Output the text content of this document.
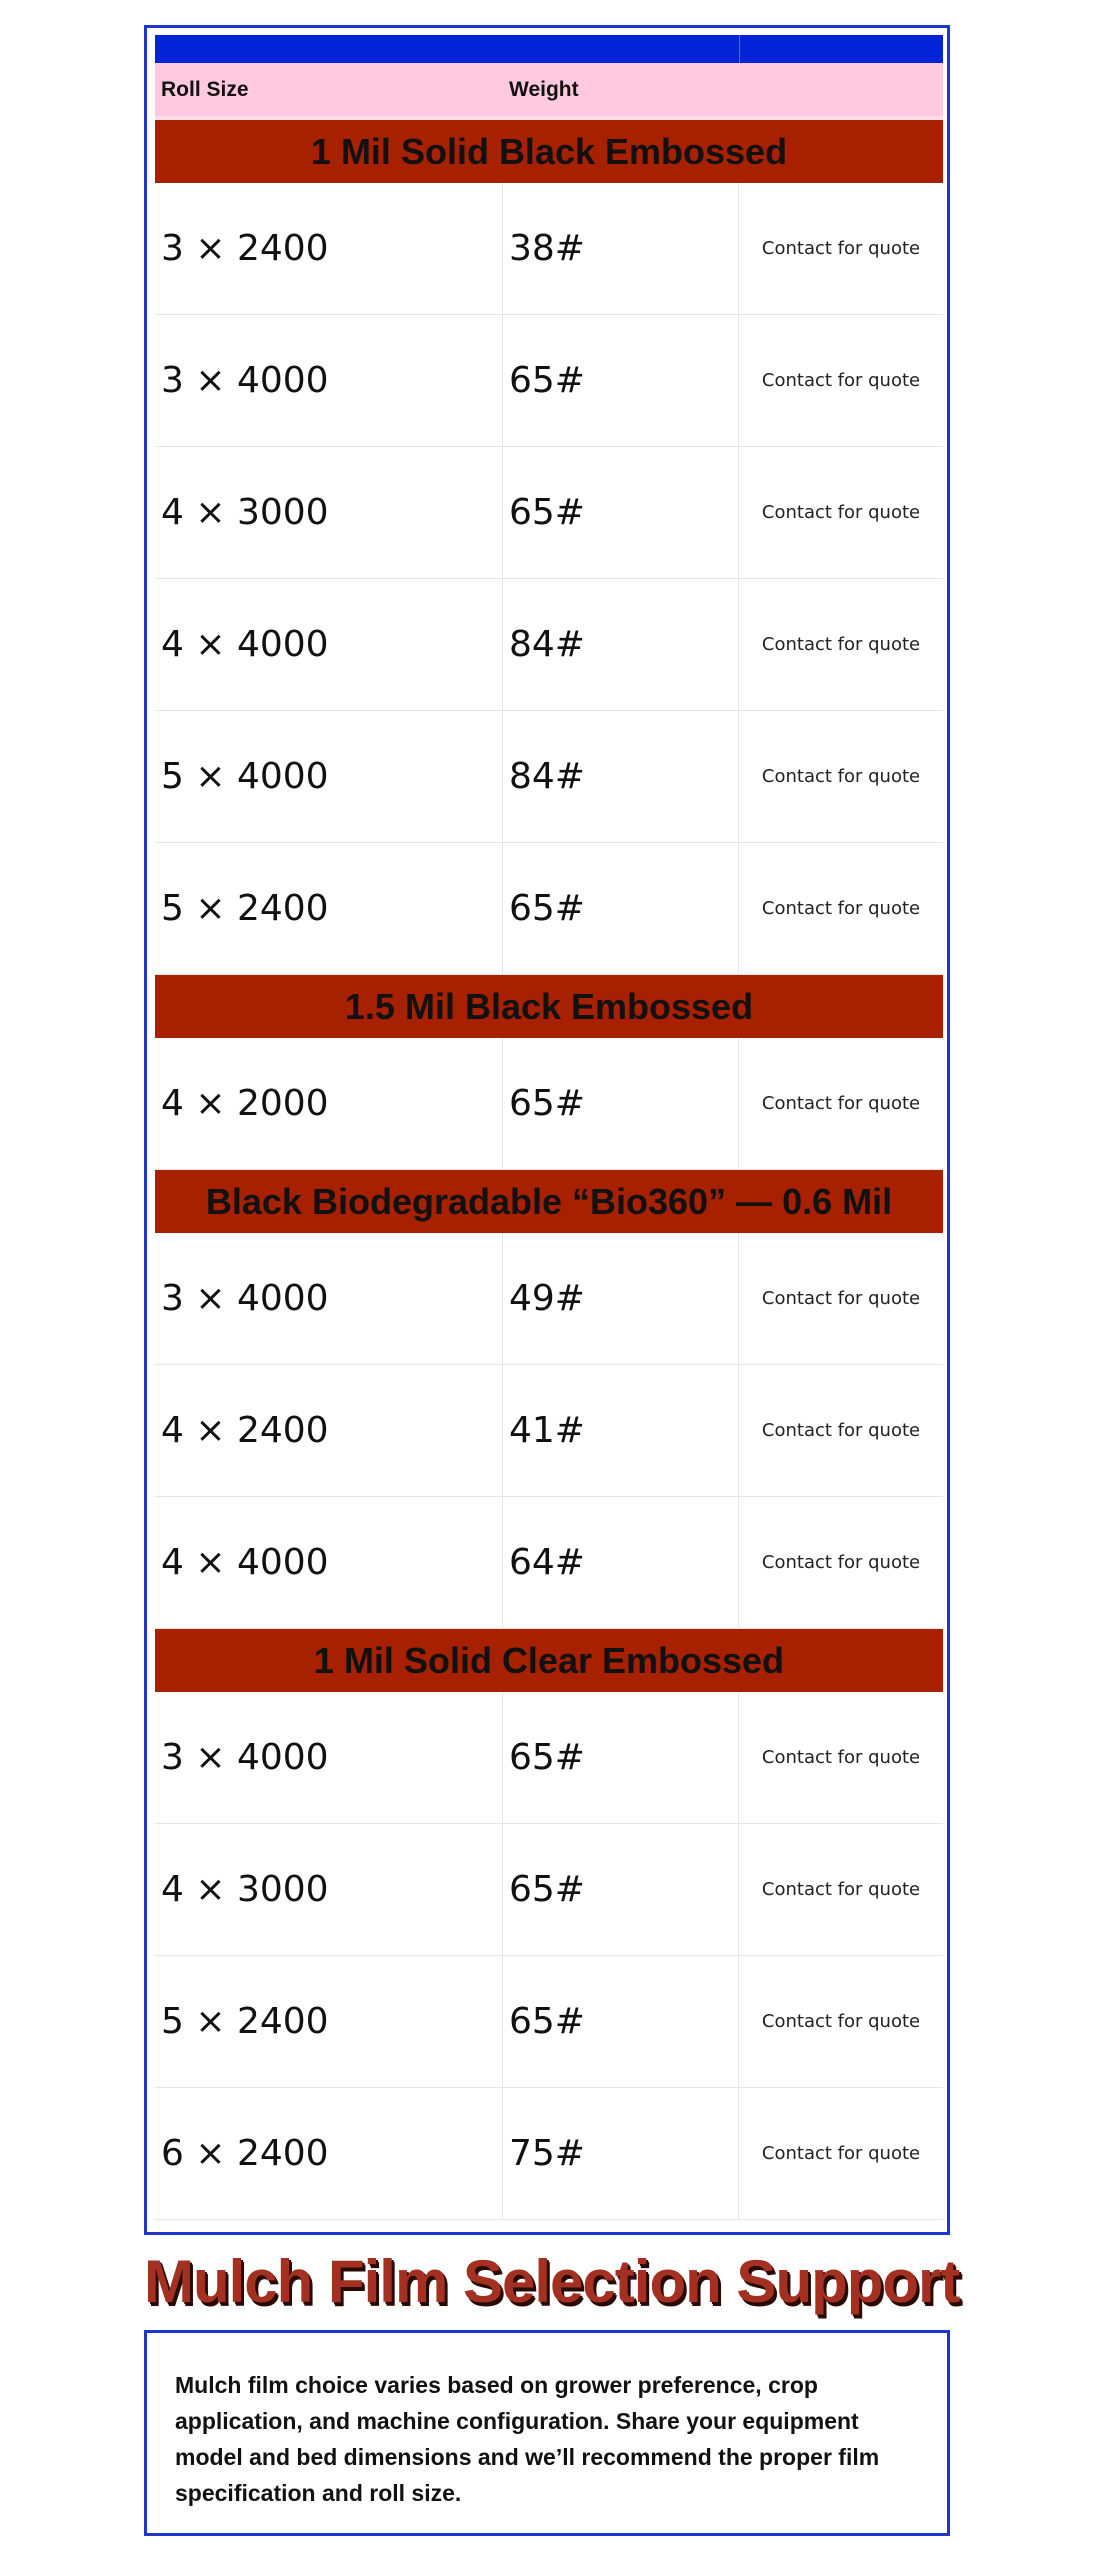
Roll Size	Weight
1 Mil Solid Black Embossed
3 × 2400	38#	Contact for quote
3 × 4000	65#	Contact for quote
4 × 3000	65#	Contact for quote
4 × 4000	84#	Contact for quote
5 × 4000	84#	Contact for quote
5 × 2400	65#	Contact for quote
1.5 Mil Black Embossed
4 × 2000	65#	Contact for quote
Black Biodegradable “Bio360” — 0.6 Mil
3 × 4000	49#	Contact for quote
4 × 2400	41#	Contact for quote
4 × 4000	64#	Contact for quote
1 Mil Solid Clear Embossed
3 × 4000	65#	Contact for quote
4 × 3000	65#	Contact for quote
5 × 2400	65#	Contact for quote
6 × 2400	75#	Contact for quote
Mulch Film Selection Support
Mulch film choice varies based on grower preference, crop application, and machine configuration. Share your equipment model and bed dimensions and we’ll recommend the proper film specification and roll size.
